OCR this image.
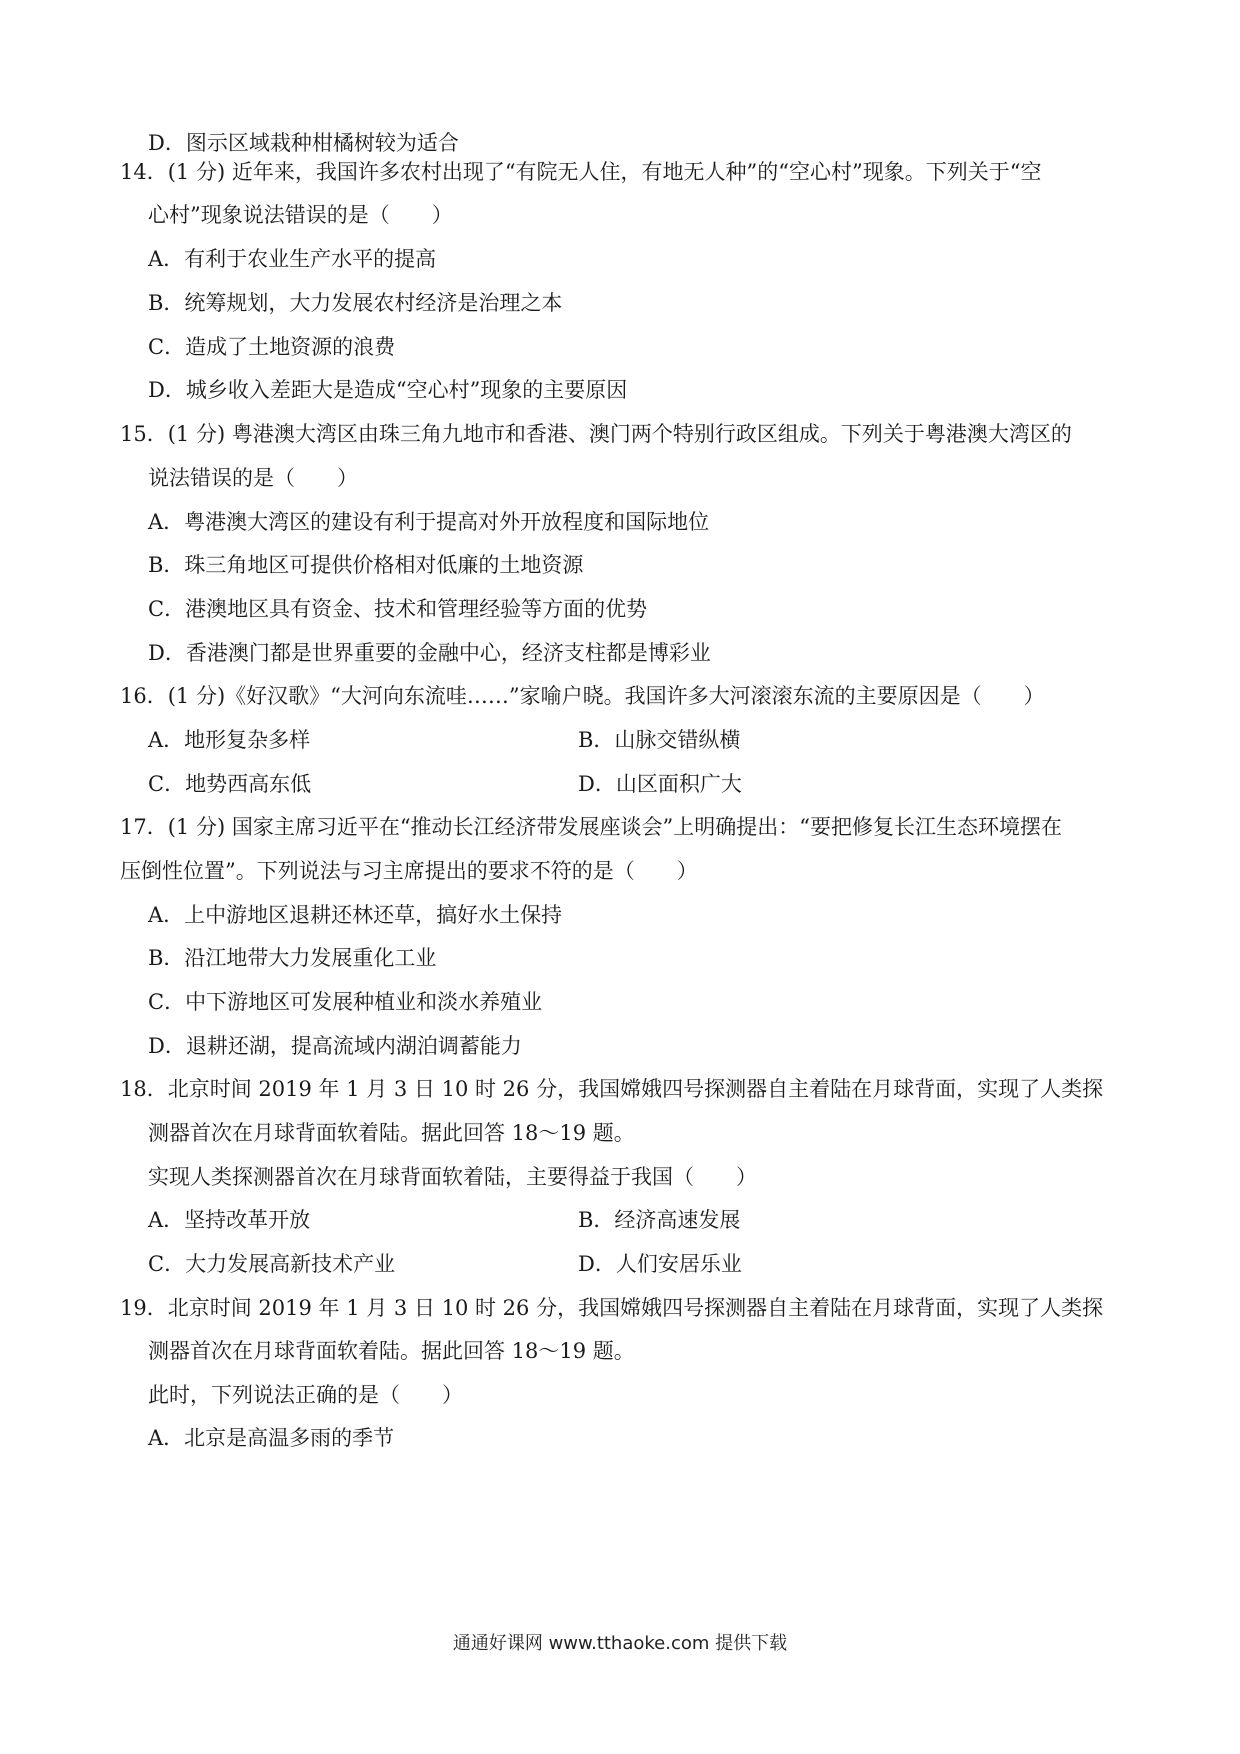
D．图示区域栽种柑橘树较为适合
14．(1 分) 近年来，我国许多农村出现了“有院无人住，有地无人种”的“空心村”现象。下列关于“空
心村”现象说法错误的是（　　）
A．有利于农业生产水平的提高
B．统筹规划，大力发展农村经济是治理之本
C．造成了土地资源的浪费
D．城乡收入差距大是造成“空心村”现象的主要原因
15．(1 分) 粤港澳大湾区由珠三角九地市和香港、澳门两个特别行政区组成。下列关于粤港澳大湾区的
说法错误的是（　　）
A．粤港澳大湾区的建设有利于提高对外开放程度和国际地位
B．珠三角地区可提供价格相对低廉的土地资源
C．港澳地区具有资金、技术和管理经验等方面的优势
D．香港澳门都是世界重要的金融中心，经济支柱都是博彩业
16．(1 分)《好汉歌》“大河向东流哇……”家喻户晓。我国许多大河滚滚东流的主要原因是（　　）
A．地形复杂多样	B．山脉交错纵横
C．地势西高东低	D．山区面积广大
17．(1 分) 国家主席习近平在“推动长江经济带发展座谈会”上明确提出：“要把修复长江生态环境摆在
压倒性位置”。下列说法与习主席提出的要求不符的是（　　）
A．上中游地区退耕还林还草，搞好水土保持
B．沿江地带大力发展重化工业
C．中下游地区可发展种植业和淡水养殖业
D．退耕还湖，提高流域内湖泊调蓄能力
18．北京时间 2019 年 1 月 3 日 10 时 26 分，我国嫦娥四号探测器自主着陆在月球背面，实现了人类探
测器首次在月球背面软着陆。据此回答 18～19 题。
实现人类探测器首次在月球背面软着陆，主要得益于我国（　　）
A．坚持改革开放	B．经济高速发展
C．大力发展高新技术产业	D．人们安居乐业
19．北京时间 2019 年 1 月 3 日 10 时 26 分，我国嫦娥四号探测器自主着陆在月球背面，实现了人类探
测器首次在月球背面软着陆。据此回答 18～19 题。
此时，下列说法正确的是（　　）
A．北京是高温多雨的季节
通通好课网 www.tthaoke.com 提供下载
